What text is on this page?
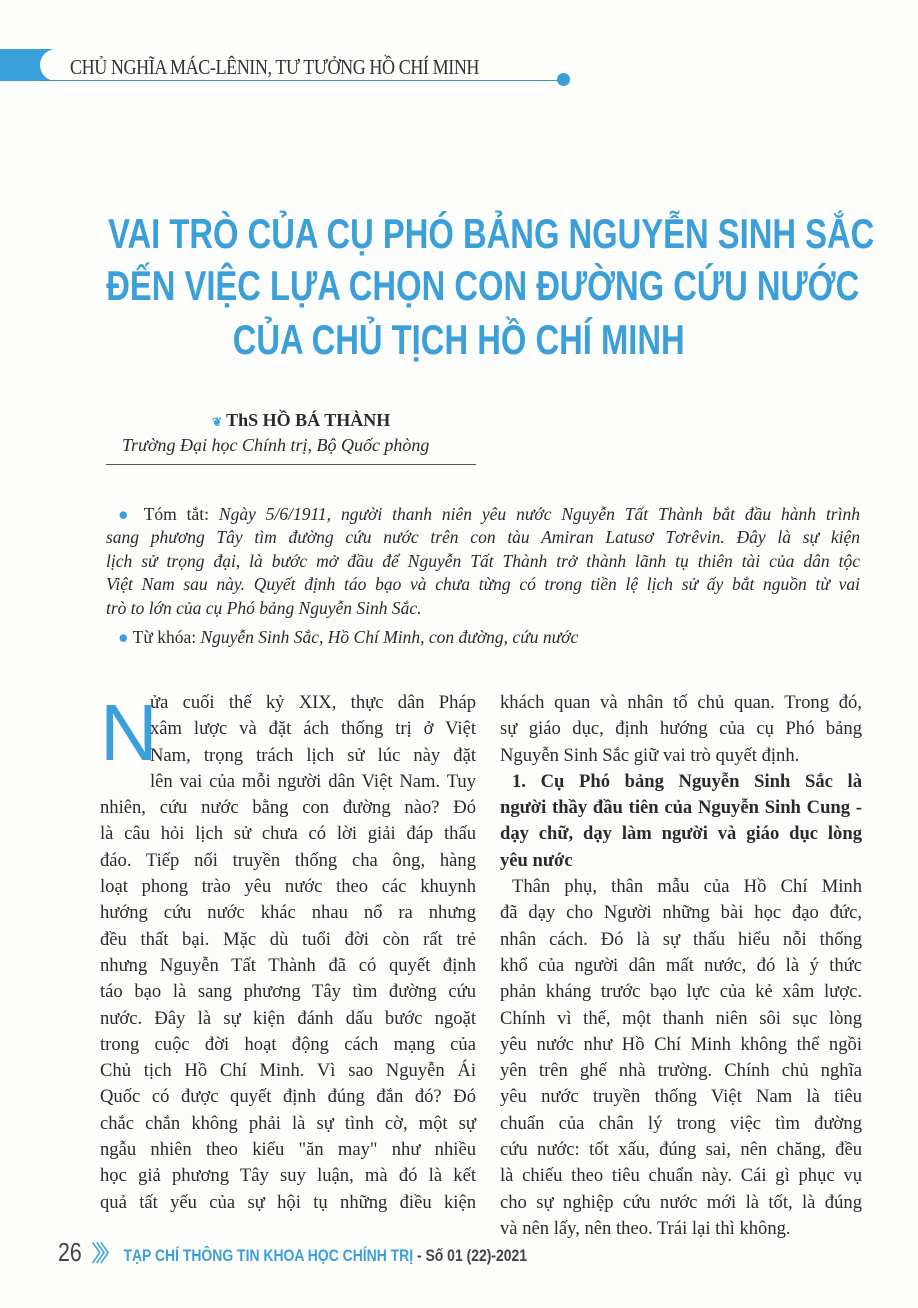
CHỦ NGHĨA MÁC-LÊNIN, TƯ TƯỞNG HỒ CHÍ MINH
VAI TRÒ CỦA CỤ PHÓ BẢNG NGUYỄN SINH SẮC
ĐẾN VIỆC LỰA CHỌN CON ĐƯỜNG CỨU NƯỚC
CỦA CHỦ TỊCH HỒ CHÍ MINH
❦ ThS HỒ BÁ THÀNH
Trường Đại học Chính trị, Bộ Quốc phòng
● Tóm tắt: Ngày 5/6/1911, người thanh niên yêu nước Nguyễn Tất Thành bắt đầu hành trình
sang phương Tây tìm đường cứu nước trên con tàu Amiran Latusơ Tơrêvin. Đây là sự kiện
lịch sử trọng đại, là bước mở đầu để Nguyễn Tất Thành trở thành lãnh tụ thiên tài của dân tộc
Việt Nam sau này. Quyết định táo bạo và chưa từng có trong tiền lệ lịch sử ấy bắt nguồn từ vai
trò to lớn của cụ Phó bảng Nguyễn Sinh Sắc.
● Từ khóa: Nguyễn Sinh Sắc, Hồ Chí Minh, con đường, cứu nước
N
ửa cuối thế kỷ XIX, thực dân Pháp
xâm lược và đặt ách thống trị ở Việt
Nam, trọng trách lịch sử lúc này đặt
lên vai của mỗi người dân Việt Nam. Tuy
nhiên, cứu nước bằng con đường nào? Đó
là câu hỏi lịch sử chưa có lời giải đáp thấu
đáo. Tiếp nối truyền thống cha ông, hàng
loạt phong trào yêu nước theo các khuynh
hướng cứu nước khác nhau nổ ra nhưng
đều thất bại. Mặc dù tuổi đời còn rất trẻ
nhưng Nguyễn Tất Thành đã có quyết định
táo bạo là sang phương Tây tìm đường cứu
nước. Đây là sự kiện đánh dấu bước ngoặt
trong cuộc đời hoạt động cách mạng của
Chủ tịch Hồ Chí Minh. Vì sao Nguyễn Ái
Quốc có được quyết định đúng đắn đó? Đó
chắc chắn không phải là sự tình cờ, một sự
ngẫu nhiên theo kiểu "ăn may" như nhiều
học giả phương Tây suy luận, mà đó là kết
quả tất yếu của sự hội tụ những điều kiện
khách quan và nhân tố chủ quan. Trong đó,
sự giáo dục, định hướng của cụ Phó bảng
Nguyễn Sinh Sắc giữ vai trò quyết định.
1. Cụ Phó bảng Nguyễn Sinh Sắc là
người thầy đầu tiên của Nguyễn Sinh Cung -
dạy chữ, dạy làm người và giáo dục lòng
yêu nước
Thân phụ, thân mẫu của Hồ Chí Minh
đã dạy cho Người những bài học đạo đức,
nhân cách. Đó là sự thấu hiểu nỗi thống
khổ của người dân mất nước, đó là ý thức
phản kháng trước bạo lực của kẻ xâm lược.
Chính vì thế, một thanh niên sôi sục lòng
yêu nước như Hồ Chí Minh không thể ngồi
yên trên ghế nhà trường. Chính chủ nghĩa
yêu nước truyền thống Việt Nam là tiêu
chuẩn của chân lý trong việc tìm đường
cứu nước: tốt xấu, đúng sai, nên chăng, đều
là chiếu theo tiêu chuẩn này. Cái gì phục vụ
cho sự nghiệp cứu nước mới là tốt, là đúng
và nên lấy, nên theo. Trái lại thì không.
26 〉〉〉 TẠP CHÍ THÔNG TIN KHOA HỌC CHÍNH TRỊ - Số 01 (22)-2021
